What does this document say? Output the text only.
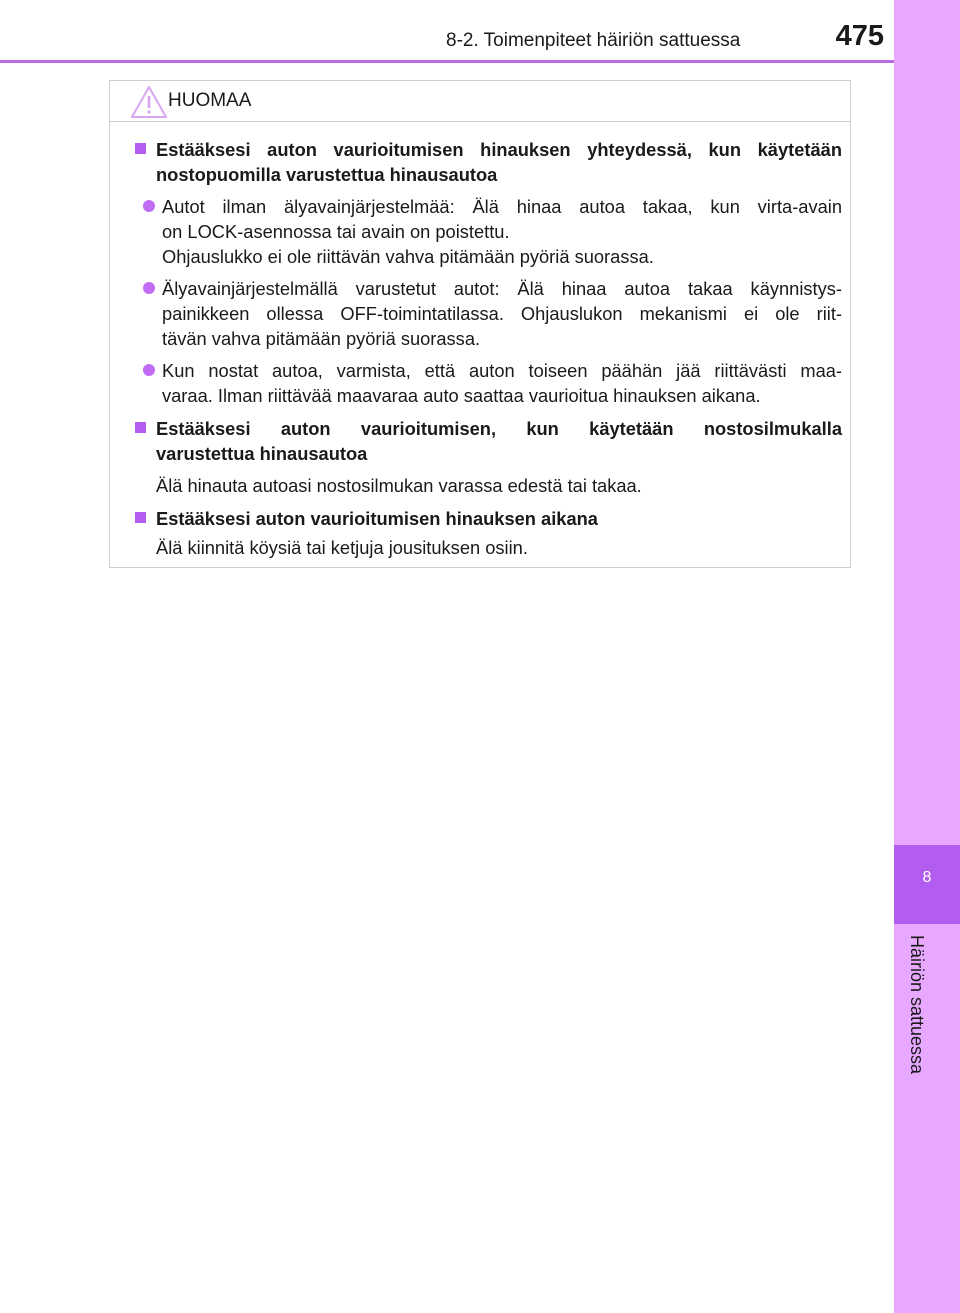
8-2. Toimenpiteet häiriön sattuessa	475
8
Häiriön sattuessa
HUOMAA
Estääksesi auton vaurioitumisen hinauksen yhteydessä, kun käytetään
nostopuomilla varustettua hinausautoa
Autot ilman älyavainjärjestelmää: Älä hinaa autoa takaa, kun virta-avain
on LOCK-asennossa tai avain on poistettu.
Ohjauslukko ei ole riittävän vahva pitämään pyöriä suorassa.
Älyavainjärjestelmällä varustetut autot: Älä hinaa autoa takaa käynnistys-
painikkeen ollessa OFF-toimintatilassa. Ohjauslukon mekanismi ei ole riit-
tävän vahva pitämään pyöriä suorassa.
Kun nostat autoa, varmista, että auton toiseen päähän jää riittävästi maa-
varaa. Ilman riittävää maavaraa auto saattaa vaurioitua hinauksen aikana.
Estääksesi auton vaurioitumisen, kun käytetään nostosilmukalla
varustettua hinausautoa
Älä hinauta autoasi nostosilmukan varassa edestä tai takaa.
Estääksesi auton vaurioitumisen hinauksen aikana
Älä kiinnitä köysiä tai ketjuja jousituksen osiin.
